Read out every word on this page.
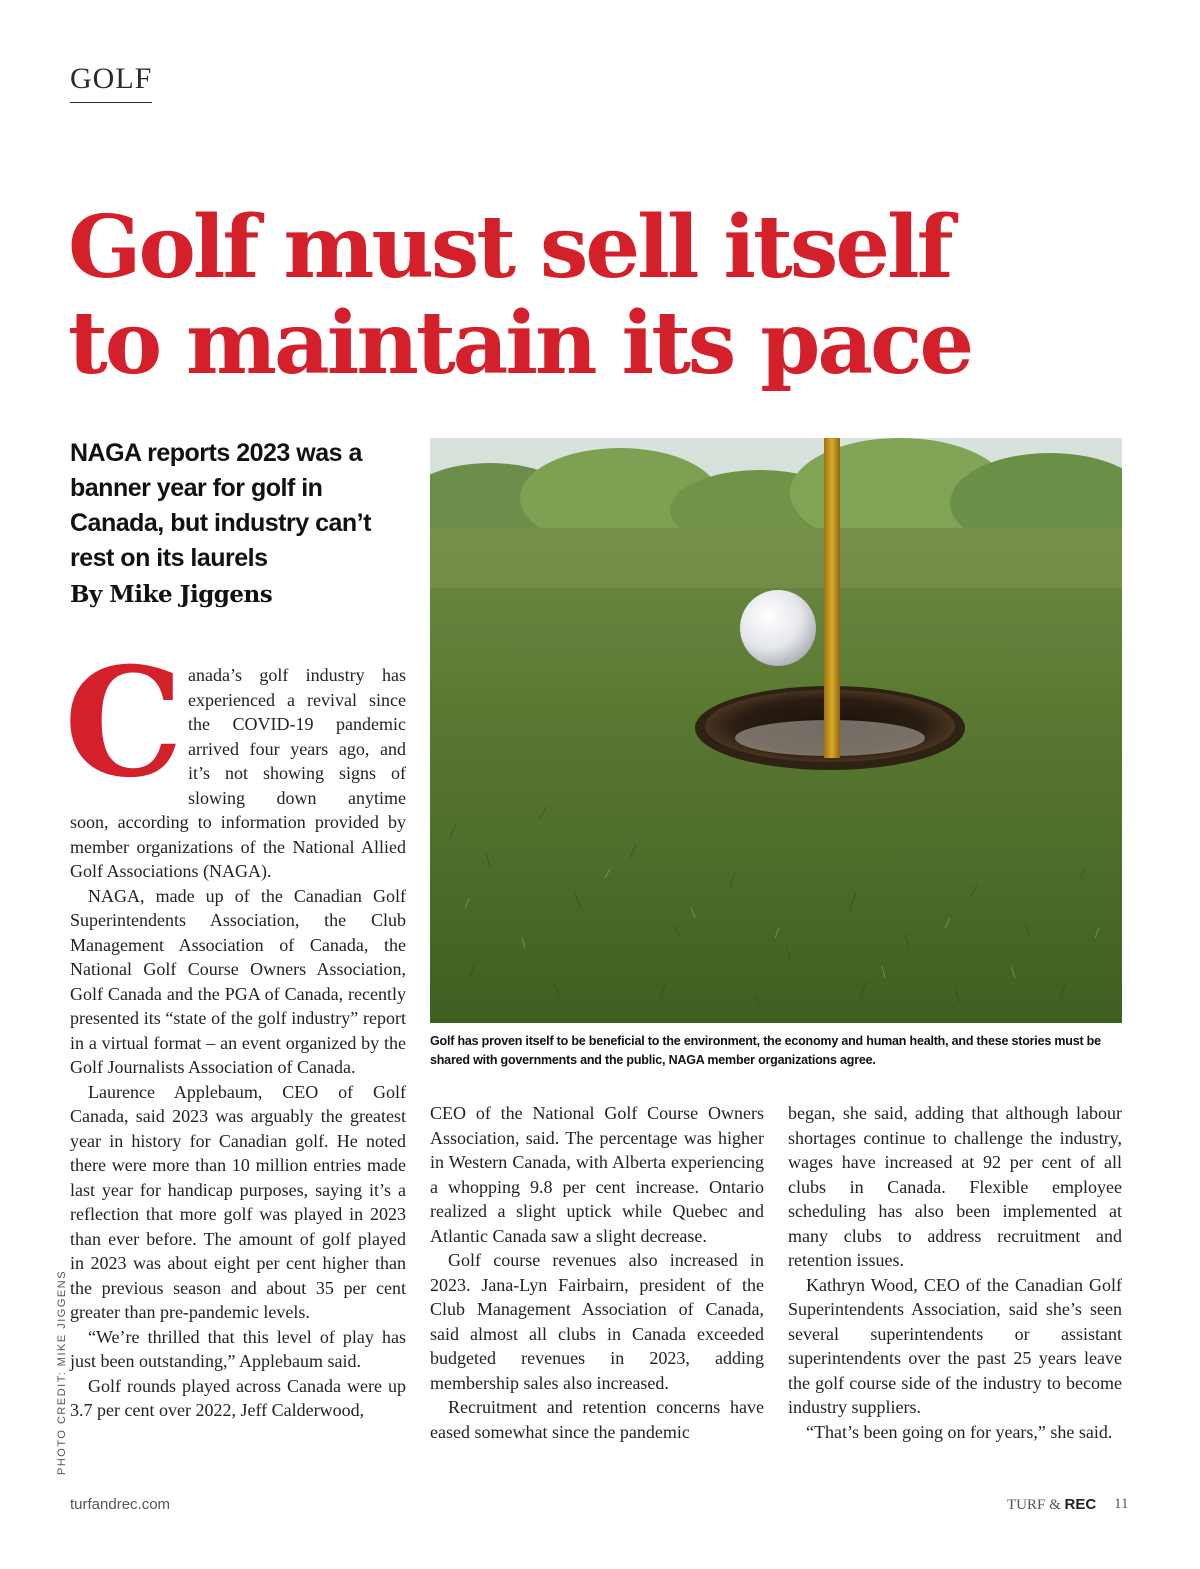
GOLF
Golf must sell itself
to maintain its pace

NAGA reports 2023 was a banner year for golf in Canada, but industry can’t rest on its laurels

By Mike Jiggens
Golf has proven itself to be beneficial to the environment, the economy and human health, and these stories must be shared with governments and the public, NAGA member organizations agree.
C anada’s golf industry has

experienced a revival since

the COVID-19 pandemic

arrived four years ago, and

it’s not showing signs of

slowing down anytime

soon, according to information provided by member organizations of the National Allied Golf Associations (NAGA).

NAGA, made up of the Canadian Golf Superintendents Association, the Club Management Association of Canada, the National Golf Course Owners Association, Golf Canada and the PGA of Canada, recently presented its “state of the golf industry” report in a virtual format – an event organized by the Golf Journalists Association of Canada.

Laurence Applebaum, CEO of Golf Canada, said 2023 was arguably the greatest year in history for Canadian golf. He noted there were more than 10 million entries made last year for handicap purposes, saying it’s a reflection that more golf was played in 2023 than ever before. The amount of golf played in 2023 was about eight per cent higher than the previous season and about 35 per cent greater than pre-pandemic levels.

“We’re thrilled that this level of play has just been outstanding,” Applebaum said.

Golf rounds played across Canada were up 3.7 per cent over 2022, Jeff Calderwood,

CEO of the National Golf Course Owners Association, said. The percentage was higher in Western Canada, with Alberta experiencing a whopping 9.8 per cent increase. Ontario realized a slight uptick while Quebec and Atlantic Canada saw a slight decrease.

Golf course revenues also increased in 2023. Jana-Lyn Fairbairn, president of the Club Management Association of Canada, said almost all clubs in Canada exceeded budgeted revenues in 2023, adding membership sales also increased.

Recruitment and retention concerns have eased somewhat since the pandemic

began, she said, adding that although labour shortages continue to challenge the industry, wages have increased at 92 per cent of all clubs in Canada. Flexible employee scheduling has also been implemented at many clubs to address recruitment and retention issues.

Kathryn Wood, CEO of the Canadian Golf Superintendents Association, said she’s seen several superintendents or assistant superintendents over the past 25 years leave the golf course side of the industry to become industry suppliers.

“That’s been going on for years,” she said.

PHOTO CREDIT: MIKE JIGGENS
turfandrec.com	TURF & REC 11
